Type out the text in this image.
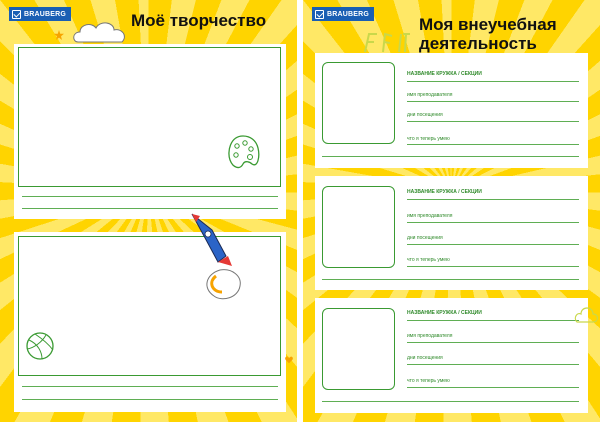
BRAUBERG	Моё творчество	BRAUBERG
Моя внеучебная
деятельность
НАЗВАНИЕ КРУЖКА / СЕКЦИИ
имя преподавателя
дни посещения
что я теперь умею
НАЗВАНИЕ КРУЖКА / СЕКЦИИ
имя преподавателя
дни посещения
что я теперь умею
НАЗВАНИЕ КРУЖКА / СЕКЦИИ
имя преподавателя
дни посещения
что я теперь умею
